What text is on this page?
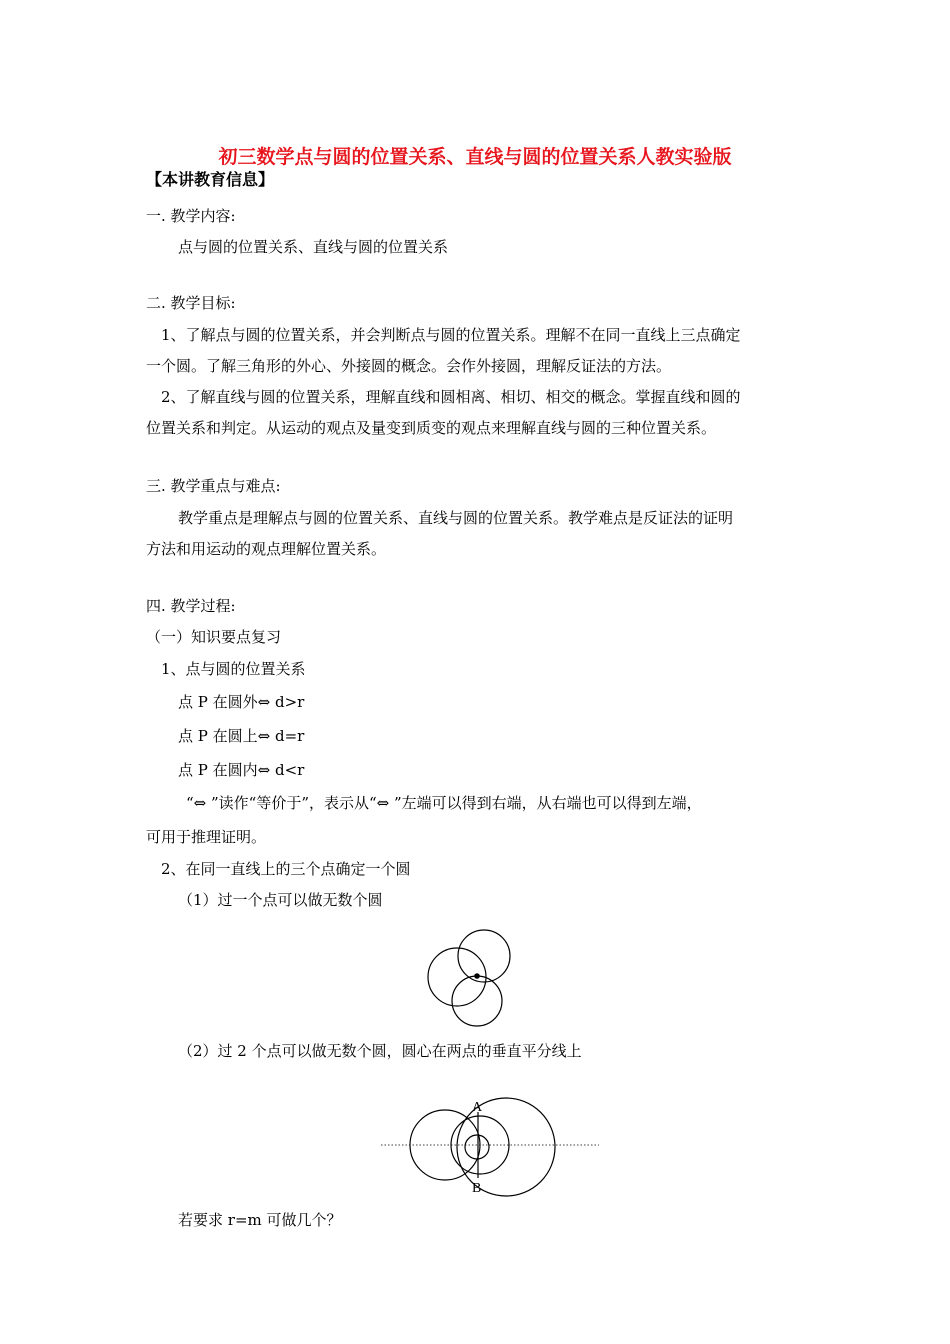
初三数学点与圆的位置关系、直线与圆的位置关系人教实验版
【本讲教育信息】
一. 教学内容:
点与圆的位置关系、直线与圆的位置关系
二. 教学目标:
1、了解点与圆的位置关系，并会判断点与圆的位置关系。理解不在同一直线上三点确定
一个圆。了解三角形的外心、外接圆的概念。会作外接圆，理解反证法的方法。
2、了解直线与圆的位置关系，理解直线和圆相离、相切、相交的概念。掌握直线和圆的
位置关系和判定。从运动的观点及量变到质变的观点来理解直线与圆的三种位置关系。
三. 教学重点与难点:
教学重点是理解点与圆的位置关系、直线与圆的位置关系。教学难点是反证法的证明
方法和用运动的观点理解位置关系。
四. 教学过程:
（一）知识要点复习
1、点与圆的位置关系
点 P 在圆外⇔ d>r
点 P 在圆上⇔ d=r
点 P 在圆内⇔ d<r
“⇔ ”读作“等价于”，表示从“⇔ ”左端可以得到右端，从右端也可以得到左端，
可用于推理证明。
2、在同一直线上的三个点确定一个圆
（1）过一个点可以做无数个圆
（2）过 2 个点可以做无数个圆，圆心在两点的垂直平分线上
A
B
若要求 r=m 可做几个？
